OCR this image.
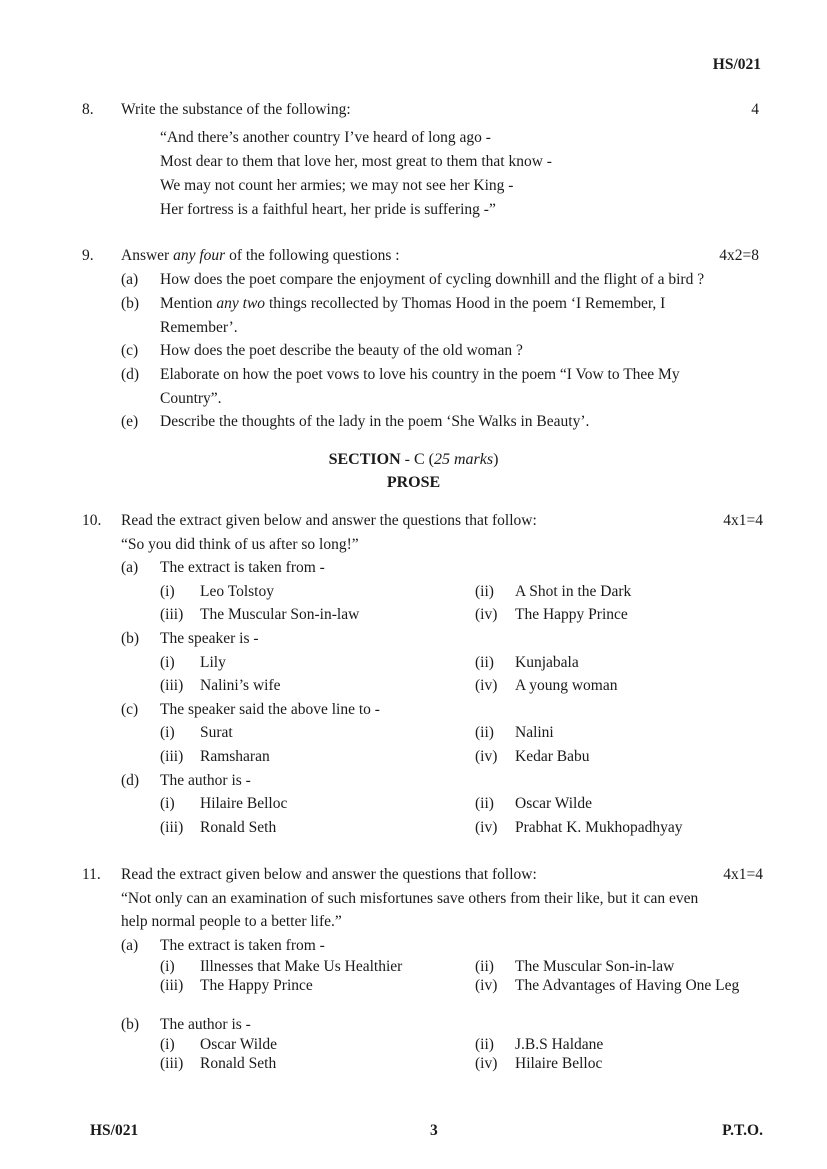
HS/021
8. Write the substance of the following:	4
“And there’s another country I’ve heard of long ago -
Most dear to them that love her, most great to them that know -
We may not count her armies; we may not see her King -
Her fortress is a faithful heart, her pride is suffering -”
9. Answer any four of the following questions :	4x2=8
(a) How does the poet compare the enjoyment of cycling downhill and the flight of a bird ?
(b) Mention any two things recollected by Thomas Hood in the poem ‘I Remember, I
Remember’.
(c) How does the poet describe the beauty of the old woman ?
(d) Elaborate on how the poet vows to love his country in the poem “I Vow to Thee My
Country”.
(e) Describe the thoughts of the lady in the poem ‘She Walks in Beauty’.
SECTION - C (25 marks)
PROSE
10. Read the extract given below and answer the questions that follow:	4x1=4
“So you did think of us after so long!”
(a) The extract is taken from -
(i) Leo Tolstoy	(ii) A Shot in the Dark
(iii) The Muscular Son-in-law	(iv) The Happy Prince
(b) The speaker is -
(i) Lily	(ii) Kunjabala
(iii) Nalini’s wife	(iv) A young woman
(c) The speaker said the above line to -
(i) Surat	(ii) Nalini
(iii) Ramsharan	(iv) Kedar Babu
(d) The author is -
(i) Hilaire Belloc	(ii) Oscar Wilde
(iii) Ronald Seth	(iv) Prabhat K. Mukhopadhyay
11. Read the extract given below and answer the questions that follow:	4x1=4
“Not only can an examination of such misfortunes save others from their like, but it can even
help normal people to a better life.”
(a) The extract is taken from -
(i) Illnesses that Make Us Healthier	(ii) The Muscular Son-in-law
(iii) The Happy Prince	(iv) The Advantages of Having One Leg
(b) The author is -
(i) Oscar Wilde	(ii) J.B.S Haldane
(iii) Ronald Seth	(iv) Hilaire Belloc
HS/021	3	P.T.O.
